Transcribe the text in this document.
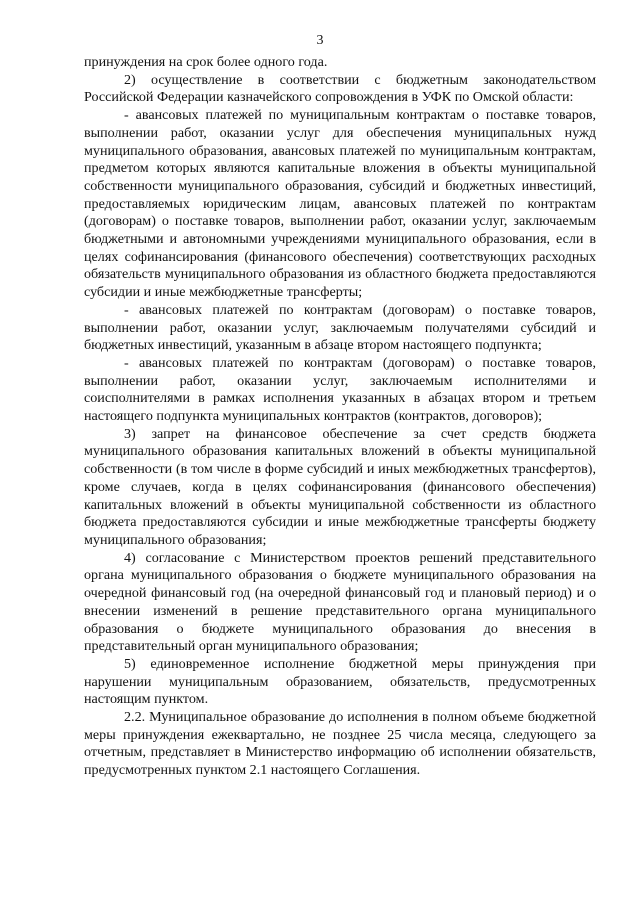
3

принуждения на срок более одного года.

2) осуществление в соответствии с бюджетным законодательством Российской Федерации казначейского сопровождения в УФК по Омской области:

- авансовых платежей по муниципальным контрактам о поставке товаров, выполнении работ, оказании услуг для обеспечения муниципальных нужд муниципального образования, авансовых платежей по муниципальным контрактам, предметом которых являются капитальные вложения в объекты муниципальной собственности муниципального образования, субсидий и бюджетных инвестиций, предоставляемых юридическим лицам, авансовых платежей по контрактам (договорам) о поставке товаров, выполнении работ, оказании услуг, заключаемым бюджетными и автономными учреждениями муниципального образования, если в целях софинансирования (финансового обеспечения) соответствующих расходных обязательств муниципального образования из областного бюджета предоставляются субсидии и иные межбюджетные трансферты;

- авансовых платежей по контрактам (договорам) о поставке товаров, выполнении работ, оказании услуг, заключаемым получателями субсидий и бюджетных инвестиций, указанным в абзаце втором настоящего подпункта;

- авансовых платежей по контрактам (договорам) о поставке товаров, выполнении работ, оказании услуг, заключаемым исполнителями и соисполнителями в рамках исполнения указанных в абзацах втором и третьем настоящего подпункта муниципальных контрактов (контрактов, договоров);

3) запрет на финансовое обеспечение за счет средств бюджета муниципального образования капитальных вложений в объекты муниципальной собственности (в том числе в форме субсидий и иных межбюджетных трансфертов), кроме случаев, когда в целях софинансирования (финансового обеспечения) капитальных вложений в объекты муниципальной собственности из областного бюджета предоставляются субсидии и иные межбюджетные трансферты бюджету муниципального образования;

4) согласование с Министерством проектов решений представительного органа муниципального образования о бюджете муниципального образования на очередной финансовый год (на очередной финансовый год и плановый период) и о внесении изменений в решение представительного органа муниципального образования о бюджете муниципального образования до внесения в представительный орган муниципального образования;

5) единовременное исполнение бюджетной меры принуждения при нарушении муниципальным образованием, обязательств, предусмотренных настоящим пунктом.

2.2. Муниципальное образование до исполнения в полном объеме бюджетной меры принуждения ежеквартально, не позднее 25 числа месяца, следующего за отчетным, представляет в Министерство информацию об исполнении обязательств, предусмотренных пунктом 2.1 настоящего Соглашения.
